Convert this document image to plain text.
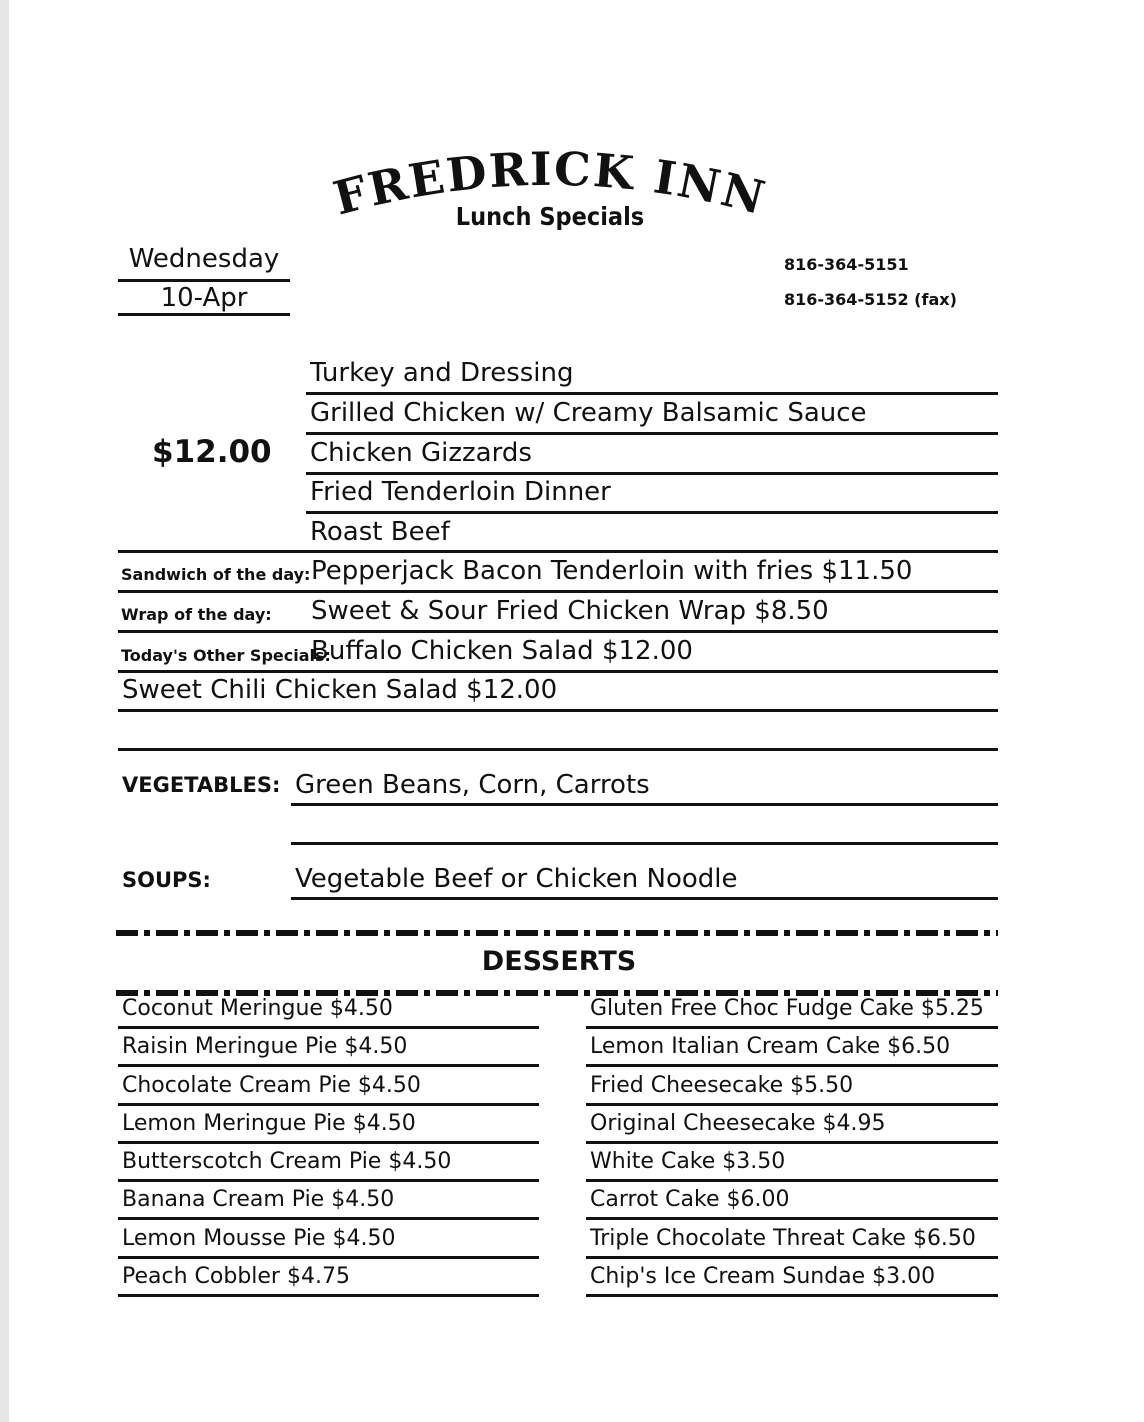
FREDRICK INN
Lunch Specials
Wednesday
10-Apr
816-364-5151
816-364-5152 (fax)
$12.00
Turkey and Dressing
Grilled Chicken w/ Creamy Balsamic Sauce
Chicken Gizzards
Fried Tenderloin Dinner
Roast Beef
Sandwich of the day: Pepperjack Bacon Tenderloin with fries $11.50
Wrap of the day: Sweet & Sour Fried Chicken Wrap $8.50
Today's Other Specials:
Buffalo Chicken Salad $12.00
Sweet Chili Chicken Salad $12.00
VEGETABLES: Green Beans, Corn, Carrots
SOUPS:	Vegetable Beef or Chicken Noodle
DESSERTS
Coconut Meringue $4.50
Raisin Meringue Pie $4.50
Chocolate Cream Pie $4.50
Lemon Meringue Pie $4.50
Butterscotch Cream Pie $4.50
Banana Cream Pie $4.50
Lemon Mousse Pie $4.50
Peach Cobbler $4.75
Gluten Free Choc Fudge Cake $5.25
Lemon Italian Cream Cake $6.50
Fried Cheesecake $5.50
Original Cheesecake $4.95
White Cake $3.50
Carrot Cake $6.00
Triple Chocolate Threat Cake $6.50
Chip's Ice Cream Sundae $3.00
